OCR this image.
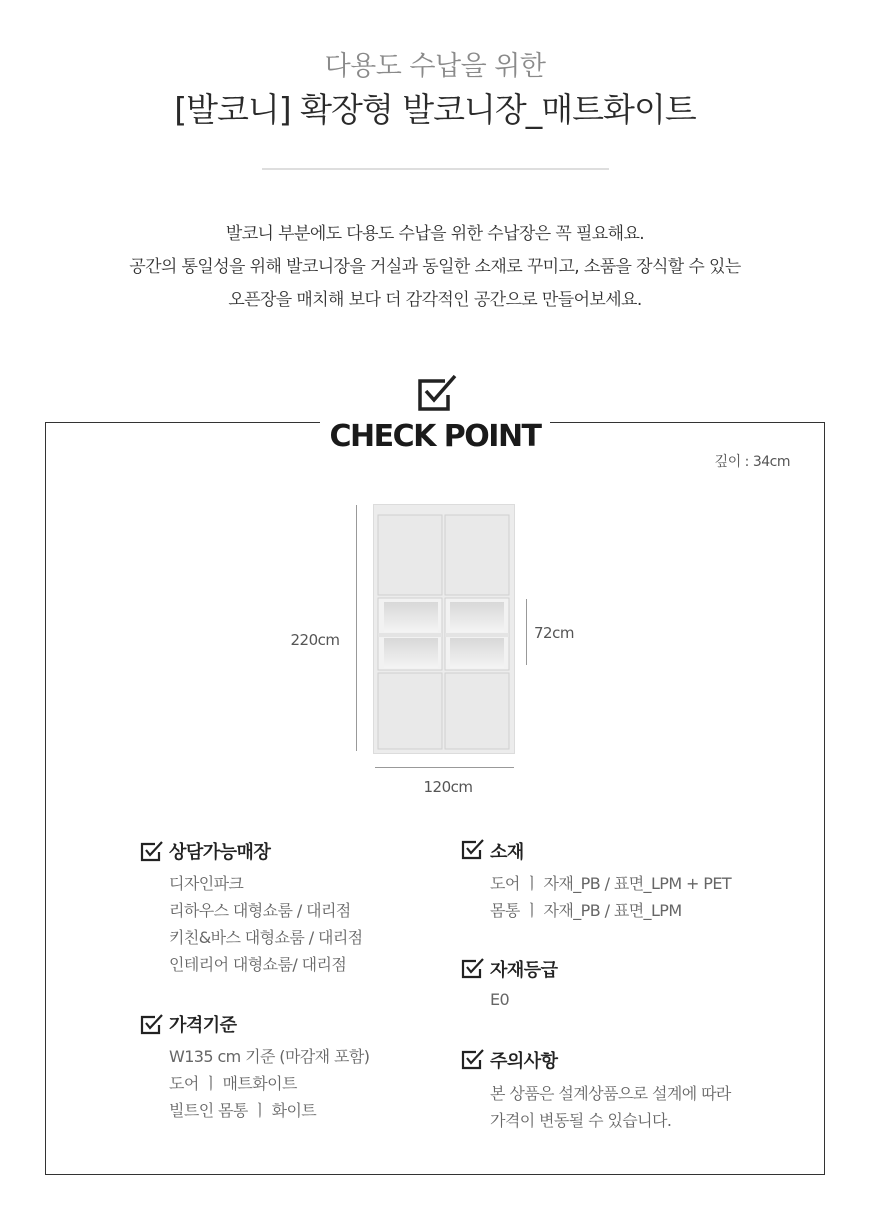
다용도 수납을 위한
[발코니] 확장형 발코니장_매트화이트
발코니 부분에도 다용도 수납을 위한 수납장은 꼭 필요해요.
공간의 통일성을 위해 발코니장을 거실과 동일한 소재로 꾸미고, 소품을 장식할 수 있는
오픈장을 매치해 보다 더 감각적인 공간으로 만들어보세요.
CHECK POINT
깊이 : 34cm
220cm	72cm
120cm
상담가능매장
디자인파크
리하우스 대형쇼룸 / 대리점
키친&바스 대형쇼룸 / 대리점
인테리어 대형쇼룸/ 대리점
가격기준
W135 cm 기준 (마감재 포함)
도어 ㅣ 매트화이트
빌트인 몸통 ㅣ 화이트
소재
도어 ㅣ 자재_PB / 표면_LPM + PET
몸통 ㅣ 자재_PB / 표면_LPM
자재등급
E0
주의사항
본 상품은 설계상품으로 설계에 따라
가격이 변동될 수 있습니다.
